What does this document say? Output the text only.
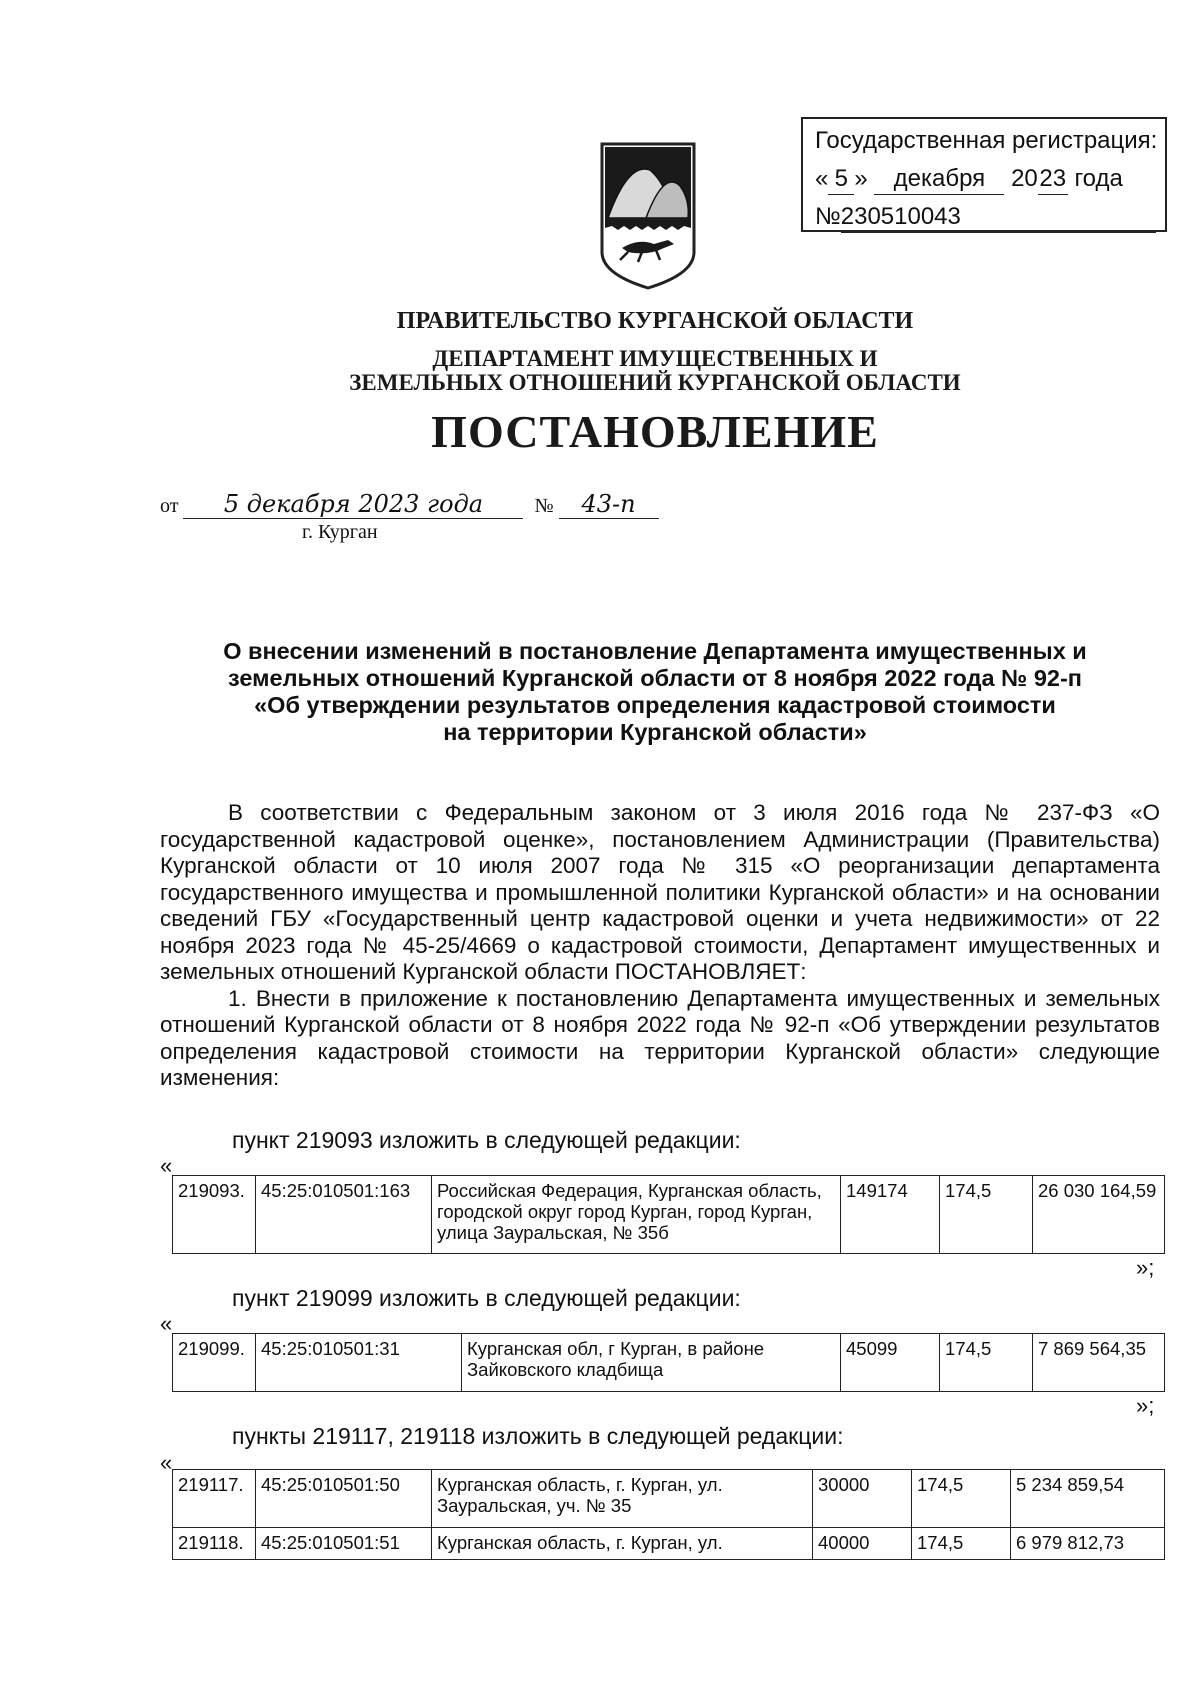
Государственная регистрация:
« 5 » декабря 2023 года
№230510043
ПРАВИТЕЛЬСТВО КУРГАНСКОЙ ОБЛАСТИ
ДЕПАРТАМЕНТ ИМУЩЕСТВЕННЫХ И
ЗЕМЕЛЬНЫХ ОТНОШЕНИЙ КУРГАНСКОЙ ОБЛАСТИ
ПОСТАНОВЛЕНИЕ
от 5 декабря 2023 года	№ 43-п
г. Курган
О внесении изменений в постановление Департамента имущественных и
земельных отношений Курганской области от 8 ноября 2022 года № 92-п
«Об утверждении результатов определения кадастровой стоимости
на территории Курганской области»

В соответствии с Федеральным законом от 3 июля 2016 года № 237-ФЗ «О государственной кадастровой оценке», постановлением Администрации (Правительства) Курганской области от 10 июля 2007 года № 315 «О реорганизации департамента государственного имущества и промышленной политики Курганской области» и на основании сведений ГБУ «Государственный центр кадастровой оценки и учета недвижимости» от 22 ноября 2023 года № 45-25/4669 о кадастровой стоимости, Департамент имущественных и земельных отношений Курганской области ПОСТАНОВЛЯЕТ:

1. Внести в приложение к постановлению Департамента имущественных и земельных отношений Курганской области от 8 ноября 2022 года № 92-п «Об утверждении результатов определения кадастровой стоимости на территории Курганской области» следующие изменения:

пункт 219093 изложить в следующей редакции:
«
219093.	45:25:010501:163	Российская Федерация, Курганская область, городской округ город Курган, город Курган, улица Зауральская, № 35б	149174	174,5	26 030 164,59
»;
пункт 219099 изложить в следующей редакции:
«
219099.	45:25:010501:31	Курганская обл, г Курган, в районе Зайковского кладбища	45099	174,5	7 869 564,35
»;
пункты 219117, 219118 изложить в следующей редакции:
«
219117.	45:25:010501:50	Курганская область, г. Курган, ул. Зауральская, уч. № 35	30000	174,5	5 234 859,54
219118.	45:25:010501:51	Курганская область, г. Курган, ул.	40000	174,5	6 979 812,73
